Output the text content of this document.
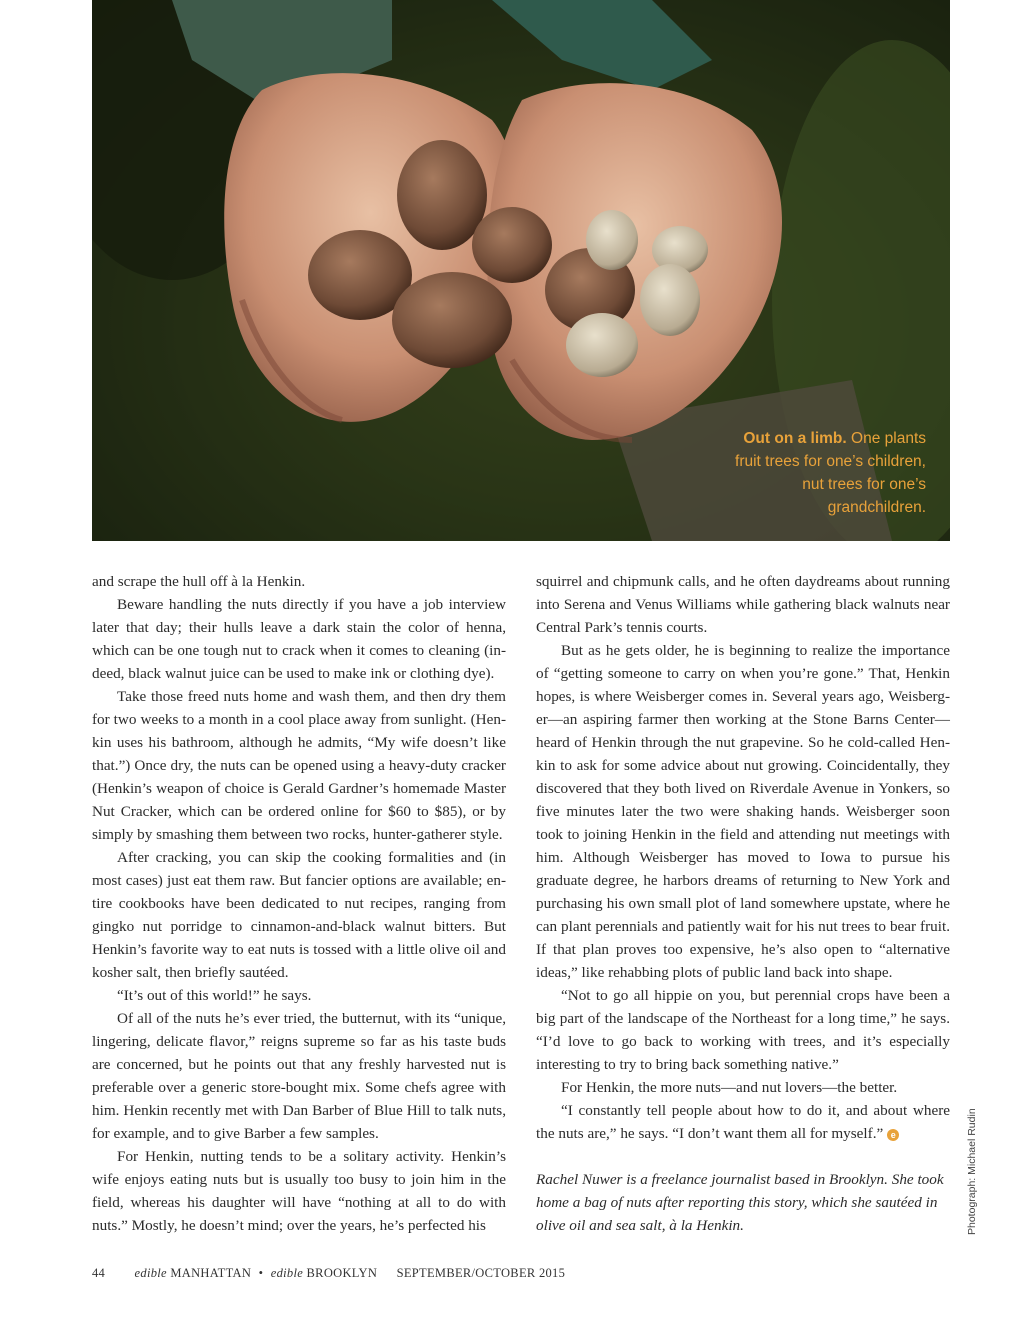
Out on a limb. One plants fruit trees for one’s children, nut trees for one’s grandchildren.

and scrape the hull off à la Henkin.

Beware handling the nuts directly if you have a job interview later that day; their hulls leave a dark stain the color of henna, which can be one tough nut to crack when it comes to cleaning (indeed, black walnut juice can be used to make ink or clothing dye).

Take those freed nuts home and wash them, and then dry them for two weeks to a month in a cool place away from sunlight. (Henkin uses his bathroom, although he admits, “My wife doesn’t like that.”) Once dry, the nuts can be opened using a heavy-duty cracker (Henkin’s weapon of choice is Gerald Gardner’s homemade Master Nut Cracker, which can be ordered online for $60 to $85), or by simply by smashing them between two rocks, hunter-gatherer style.

After cracking, you can skip the cooking formalities and (in most cases) just eat them raw. But fancier options are available; entire cookbooks have been dedicated to nut recipes, ranging from gingko nut porridge to cinnamon-and-black walnut bitters. But Henkin’s favorite way to eat nuts is tossed with a little olive oil and kosher salt, then briefly sautéed.

“It’s out of this world!” he says.

Of all of the nuts he’s ever tried, the butternut, with its “unique, lingering, delicate flavor,” reigns supreme so far as his taste buds are concerned, but he points out that any freshly harvested nut is preferable over a generic store-bought mix. Some chefs agree with him. Henkin recently met with Dan Barber of Blue Hill to talk nuts, for example, and to give Barber a few samples.

For Henkin, nutting tends to be a solitary activity. Henkin’s wife enjoys eating nuts but is usually too busy to join him in the field, whereas his daughter will have “nothing at all to do with nuts.” Mostly, he doesn’t mind; over the years, he’s perfected his

squirrel and chipmunk calls, and he often daydreams about running into Serena and Venus Williams while gathering black walnuts near Central Park’s tennis courts.

But as he gets older, he is beginning to realize the importance of “getting someone to carry on when you’re gone.” That, Henkin hopes, is where Weisberger comes in. Several years ago, Weisberger—an aspiring farmer then working at the Stone Barns Center—heard of Henkin through the nut grapevine. So he cold-called Henkin to ask for some advice about nut growing. Coincidentally, they discovered that they both lived on Riverdale Avenue in Yonkers, so five minutes later the two were shaking hands. Weisberger soon took to joining Henkin in the field and attending nut meetings with him. Although Weisberger has moved to Iowa to pursue his graduate degree, he harbors dreams of returning to New York and purchasing his own small plot of land somewhere upstate, where he can plant perennials and patiently wait for his nut trees to bear fruit. If that plan proves too expensive, he’s also open to “alternative ideas,” like rehabbing plots of public land back into shape.

“Not to go all hippie on you, but perennial crops have been a big part of the landscape of the Northeast for a long time,” he says. “I’d love to go back to working with trees, and it’s especially interesting to try to bring back something native.”

For Henkin, the more nuts—and nut lovers—the better.

“I constantly tell people about how to do it, and about where the nuts are,” he says. “I don’t want them all for myself.” e

Rachel Nuwer is a freelance journalist based in Brooklyn. She took home a bag of nuts after reporting this story, which she sautéed in olive oil and sea salt, à la Henkin.	Photograph: Michael Rudin
44 edible MANHATTAN • edible BROOKLYN SEPTEMBER/OCTOBER 2015
